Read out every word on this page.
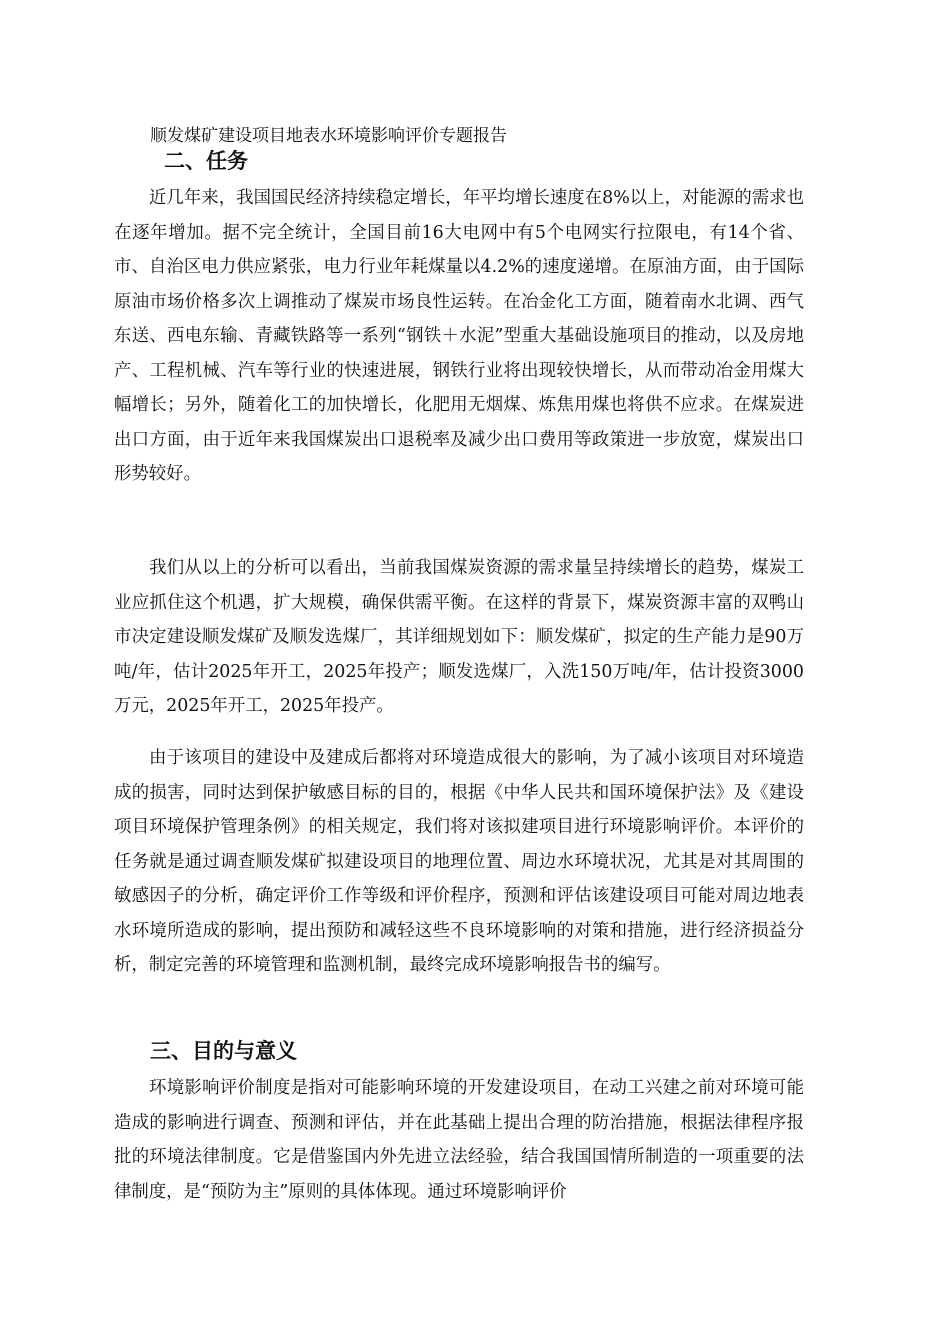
顺发煤矿建设项目地表水环境影响评价专题报告
二、任务

近几年来，我国国民经济持续稳定增长，年平均增长速度在8%以上，对能源的需求也在逐年增加。据不完全统计，全国目前16大电网中有5个电网实行拉限电，有14个省、市、自治区电力供应紧张，电力行业年耗煤量以4.2%的速度递增。在原油方面，由于国际原油市场价格多次上调推动了煤炭市场良性运转。在冶金化工方面，随着南水北调、西气东送、西电东输、青藏铁路等一系列“钢铁＋水泥”型重大基础设施项目的推动，以及房地产、工程机械、汽车等行业的快速进展，钢铁行业将出现较快增长，从而带动冶金用煤大幅增长；另外，随着化工的加快增长，化肥用无烟煤、炼焦用煤也将供不应求。在煤炭进出口方面，由于近年来我国煤炭出口退税率及减少出口费用等政策进一步放宽，煤炭出口形势较好。

我们从以上的分析可以看出，当前我国煤炭资源的需求量呈持续增长的趋势，煤炭工业应抓住这个机遇，扩大规模，确保供需平衡。在这样的背景下，煤炭资源丰富的双鸭山市决定建设顺发煤矿及顺发选煤厂，其详细规划如下：顺发煤矿，拟定的生产能力是90万吨/年，估计2025年开工，2025年投产；顺发选煤厂，入洗150万吨/年，估计投资3000万元，2025年开工，2025年投产。

由于该项目的建设中及建成后都将对环境造成很大的影响，为了减小该项目对环境造成的损害，同时达到保护敏感目标的目的，根据《中华人民共和国环境保护法》及《建设项目环境保护管理条例》的相关规定，我们将对该拟建项目进行环境影响评价。本评价的任务就是通过调查顺发煤矿拟建设项目的地理位置、周边水环境状况，尤其是对其周围的敏感因子的分析，确定评价工作等级和评价程序，预测和评估该建设项目可能对周边地表水环境所造成的影响，提出预防和减轻这些不良环境影响的对策和措施，进行经济损益分析，制定完善的环境管理和监测机制，最终完成环境影响报告书的编写。

三、目的与意义

环境影响评价制度是指对可能影响环境的开发建设项目，在动工兴建之前对环境可能造成的影响进行调查、预测和评估，并在此基础上提出合理的防治措施，根据法律程序报批的环境法律制度。它是借鉴国内外先进立法经验，结合我国国情所制造的一项重要的法律制度，是“预防为主”原则的具体体现。通过环境影响评价
